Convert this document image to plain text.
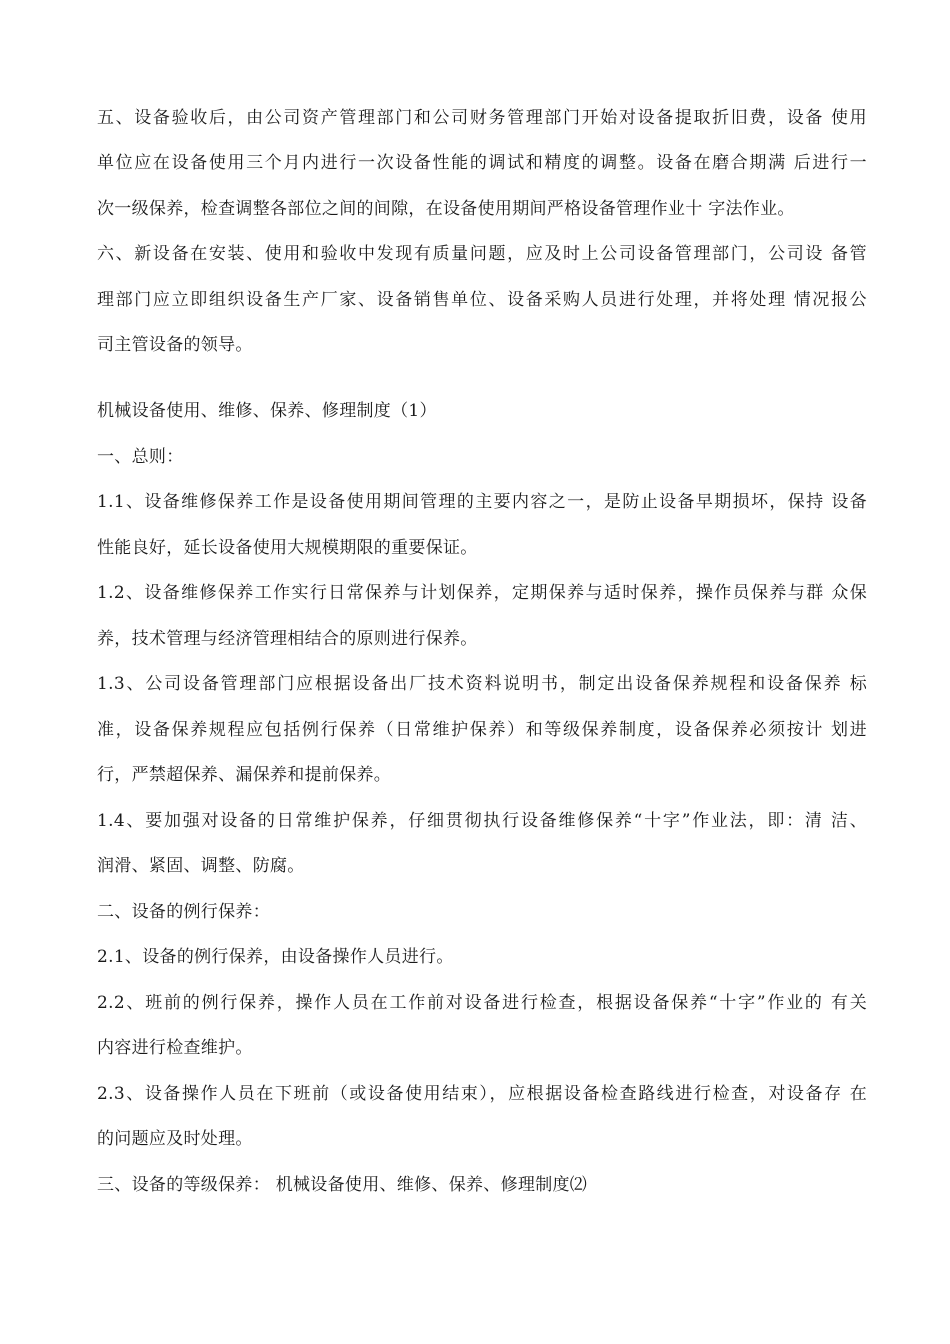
五、设备验收后，由公司资产管理部门和公司财务管理部门开始对设备提取折旧费，设备 使用
单位应在设备使用三个月内进行一次设备性能的调试和精度的调整。设备在磨合期满 后进行一
次一级保养，检查调整各部位之间的间隙，在设备使用期间严格设备管理作业十 字法作业。
六、新设备在安装、使用和验收中发现有质量问题，应及时上公司设备管理部门，公司设 备管
理部门应立即组织设备生产厂家、设备销售单位、设备采购人员进行处理，并将处理 情况报公
司主管设备的领导。
机械设备使用、维修、保养、修理制度（1）
一、总则：
1.1、设备维修保养工作是设备使用期间管理的主要内容之一，是防止设备早期损坏，保持 设备
性能良好，延长设备使用大规模期限的重要保证。
1.2、设备维修保养工作实行日常保养与计划保养，定期保养与适时保养，操作员保养与群 众保
养，技术管理与经济管理相结合的原则进行保养。
1.3、公司设备管理部门应根据设备出厂技术资料说明书，制定出设备保养规程和设备保养 标
准，设备保养规程应包括例行保养（日常维护保养）和等级保养制度，设备保养必须按计 划进
行，严禁超保养、漏保养和提前保养。
1.4、要加强对设备的日常维护保养，仔细贯彻执行设备维修保养“十字”作业法，即：清 洁、
润滑、紧固、调整、防腐。
二、设备的例行保养：
2.1、设备的例行保养，由设备操作人员进行。
2.2、班前的例行保养，操作人员在工作前对设备进行检查，根据设备保养“十字”作业的 有关
内容进行检查维护。
2.3、设备操作人员在下班前（或设备使用结束），应根据设备检查路线进行检查，对设备存 在
的问题应及时处理。
三、设备的等级保养： 机械设备使用、维修、保养、修理制度⑵
